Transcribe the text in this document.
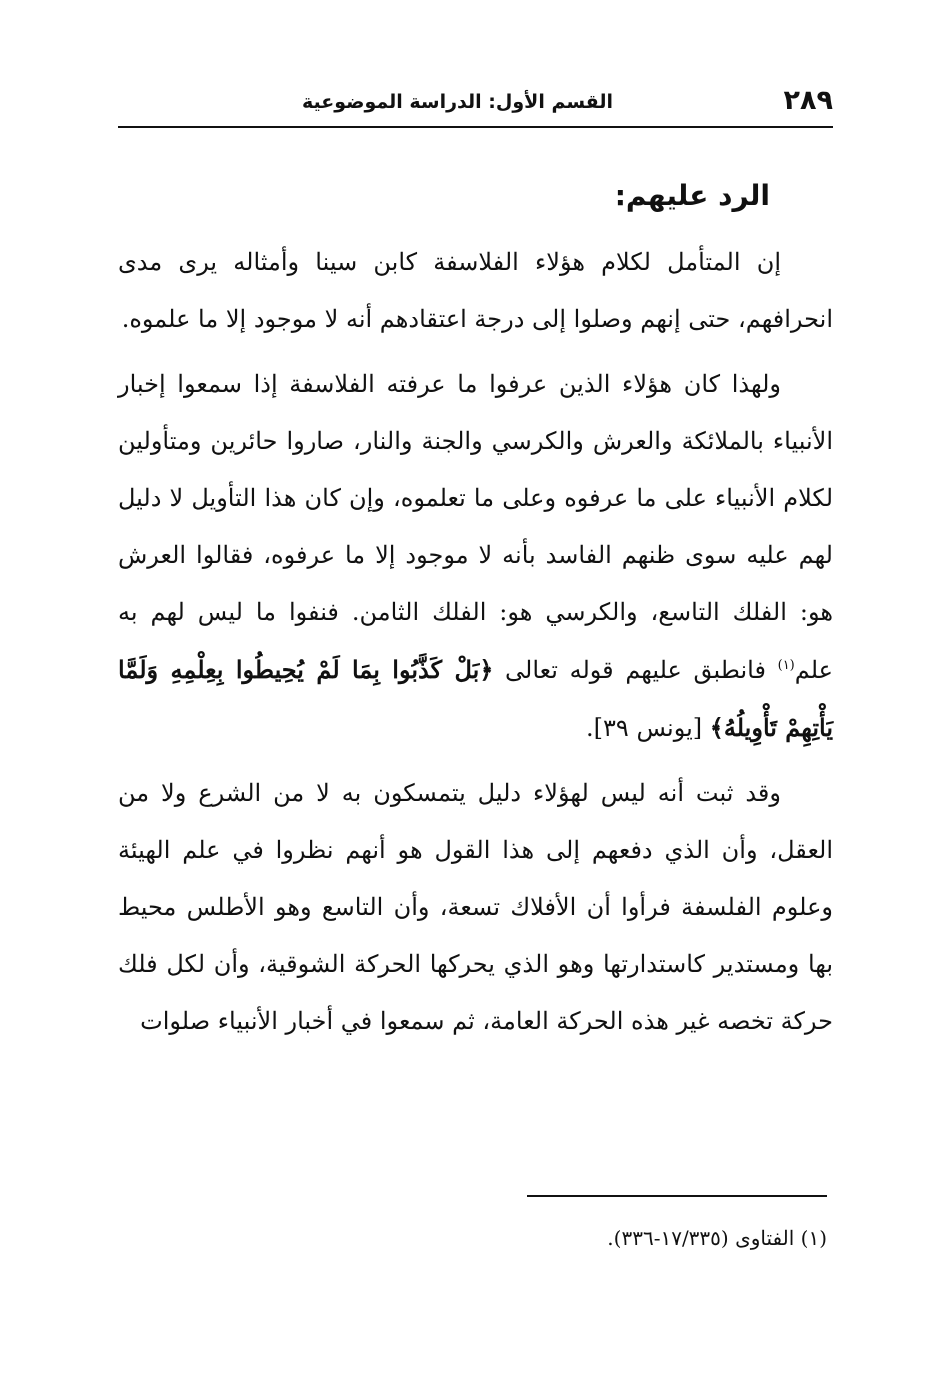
٢٨٩
القسم الأول: الدراسة الموضوعية
الرد عليهم:

إن المتأمل لكلام هؤلاء الفلاسفة كابن سينا وأمثاله يرى مدى انحرافهم، حتى إنهم وصلوا إلى درجة اعتقادهم أنه لا موجود إلا ما علموه.

ولهذا كان هؤلاء الذين عرفوا ما عرفته الفلاسفة إذا سمعوا إخبار الأنبياء بالملائكة والعرش والكرسي والجنة والنار، صاروا حائرين ومتأولين لكلام الأنبياء على ما عرفوه وعلى ما تعلموه، وإن كان هذا التأويل لا دليل لهم عليه سوى ظنهم الفاسد بأنه لا موجود إلا ما عرفوه، فقالوا العرش هو: الفلك التاسع، والكرسي هو: الفلك الثامن. فنفوا ما ليس لهم به علم$^{(١)}$ فانطبق عليهم قوله تعالى ﴿بَلْ كَذَّبُوا بِمَا لَمْ يُحِيطُوا بِعِلْمِهِ وَلَمَّا يَأْتِهِمْ تَأْوِيلُهُ﴾ [يونس ٣٩].

وقد ثبت أنه ليس لهؤلاء دليل يتمسكون به لا من الشرع ولا من العقل، وأن الذي دفعهم إلى هذا القول هو أنهم نظروا في علم الهيئة وعلوم الفلسفة فرأوا أن الأفلاك تسعة، وأن التاسع وهو الأطلس محيط بها ومستدير كاستدارتها وهو الذي يحركها الحركة الشوقية، وأن لكل فلك حركة تخصه غير هذه الحركة العامة، ثم سمعوا في أخبار الأنبياء صلوات

(١) الفتاوى (١٧/٣٣٥-٣٣٦).
